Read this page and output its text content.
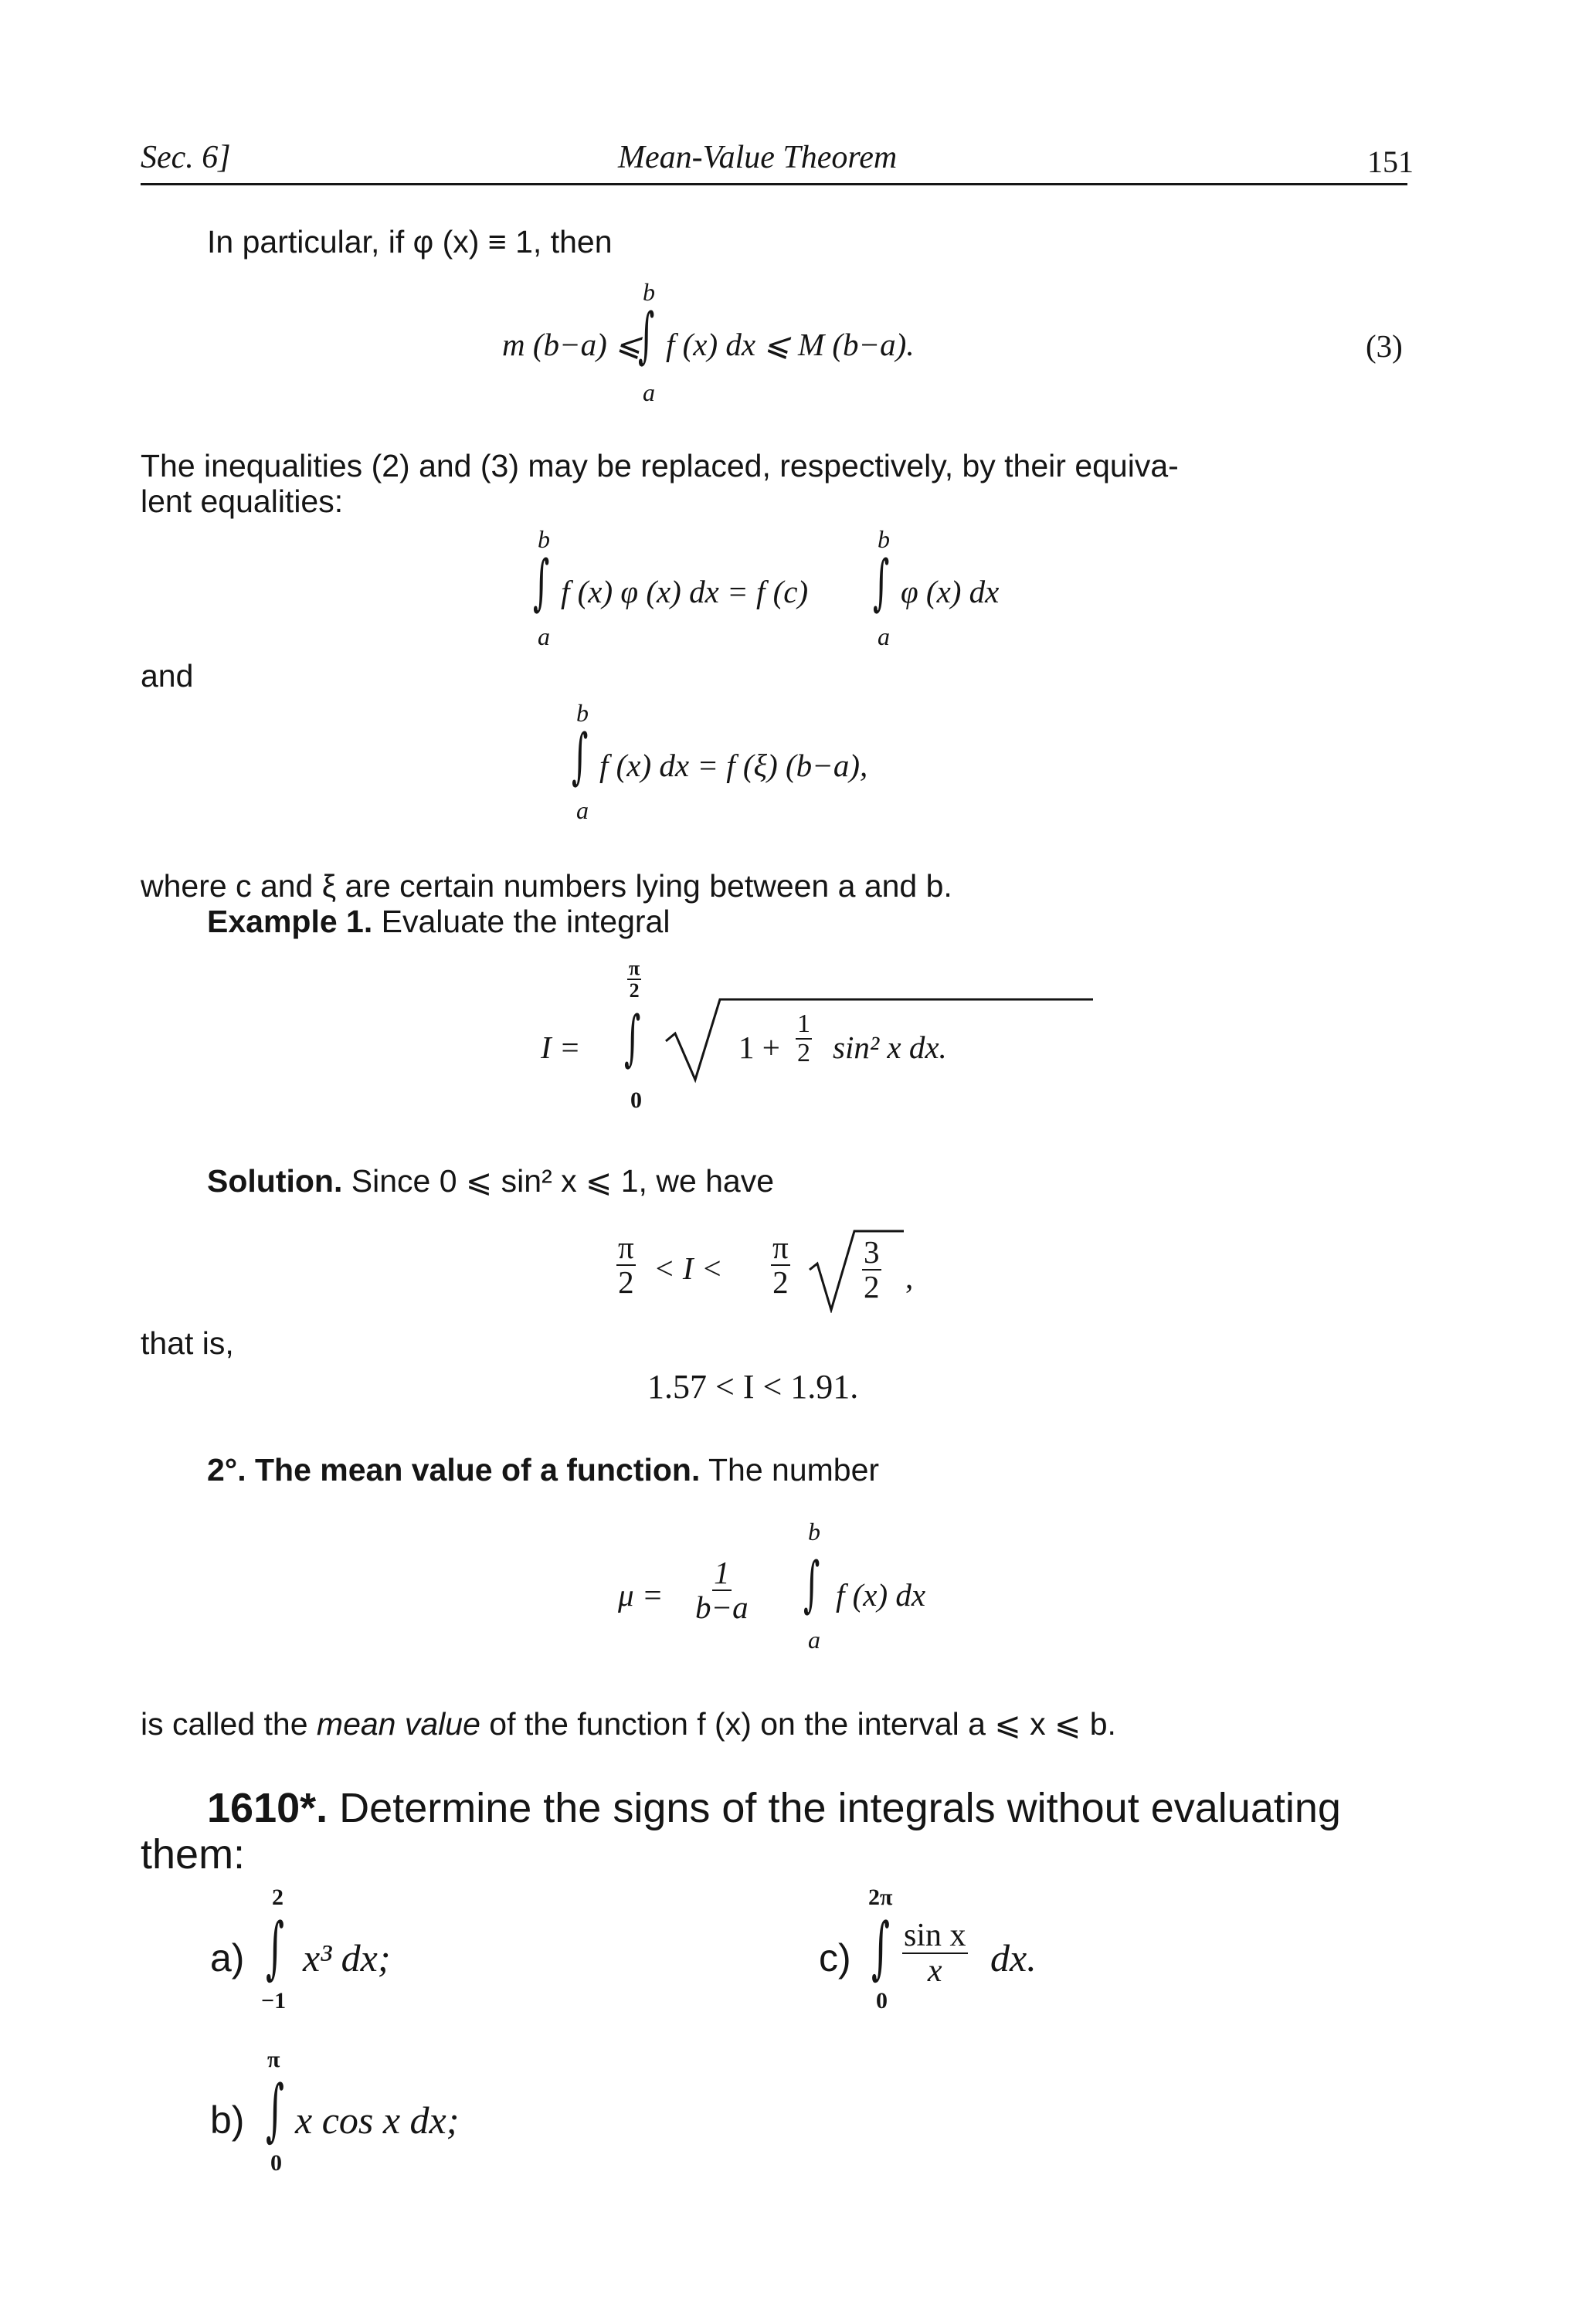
Sec. 6]	Mean-Value Theorem	151
In particular, if φ (x) ≡ 1, then
m (b−a) ⩽
b
∫
a
f (x) dx ⩽ M (b−a).	(3)
The inequalities (2) and (3) may be replaced, respectively, by their equiva-
lent equalities:
b
∫
a
f (x) φ (x) dx = f (c)
b
∫
a
φ (x) dx
and
b
∫
a
f (x) dx = f (ξ) (b−a),
where c and ξ are certain numbers lying between a and b.
Example 1. Evaluate the integral
$\frac{\pi}{2}$
I = ∫
0
$1 + \frac{1}{2} \sin^2$ x dx.
Solution. Since 0 ⩽ sin² x ⩽ 1, we have
$\frac{\pi}{2} < I < \frac{\pi}{2} \frac{3}{2}$ ,
that is,
1.57 < I < 1.91.
2°. The mean value of a function. The number
$\mu = \frac{1}{b-a}$
b
∫
a
f (x) dx
is called the mean value of the function f (x) on the interval a ⩽ x ⩽ b.
1610*. Determine the signs of the integrals without evaluating
them:
a)
2
∫
−1
x³ dx;	c)
2π
∫
0
$\frac{\text{sin x}}{x}$ dx.
b)
π
∫
0
x cos x dx;
